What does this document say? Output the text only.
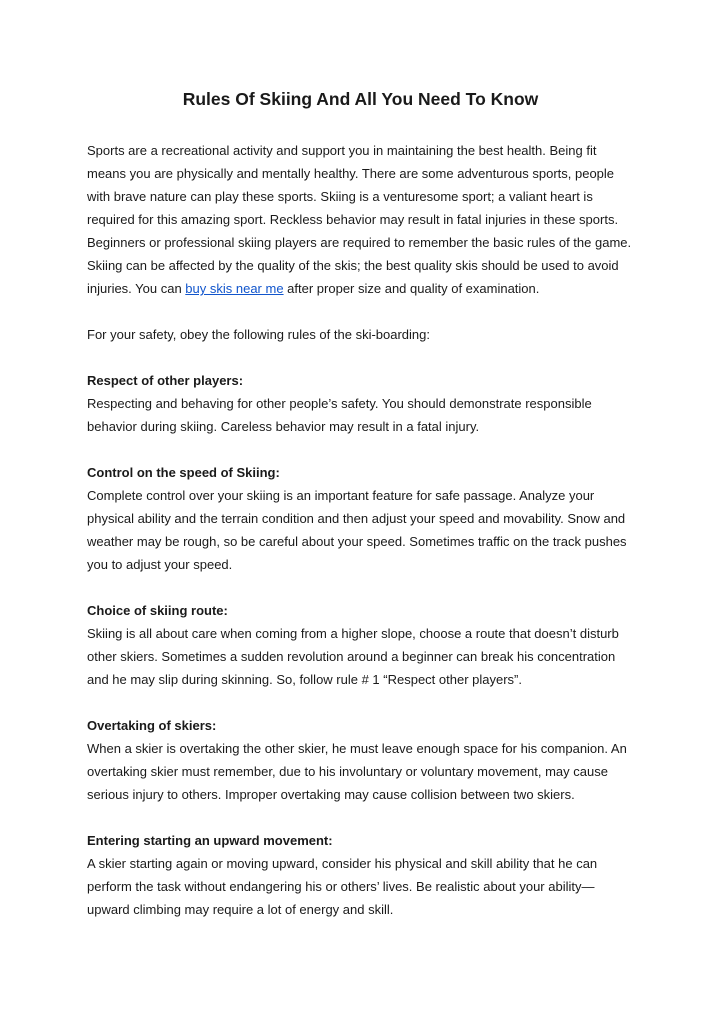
Rules Of Skiing And All You Need To Know

Sports are a recreational activity and support you in maintaining the best health. Being fit means you are physically and mentally healthy. There are some adventurous sports, people with brave nature can play these sports. Skiing is a venturesome sport; a valiant heart is required for this amazing sport. Reckless behavior may result in fatal injuries in these sports. Beginners or professional skiing players are required to remember the basic rules of the game. Skiing can be affected by the quality of the skis; the best quality skis should be used to avoid injuries. You can buy skis near me after proper size and quality of examination.

For your safety, obey the following rules of the ski-boarding:

Respect of other players:

Respecting and behaving for other people’s safety. You should demonstrate responsible behavior during skiing. Careless behavior may result in a fatal injury.

Control on the speed of Skiing:

Complete control over your skiing is an important feature for safe passage. Analyze your physical ability and the terrain condition and then adjust your speed and movability. Snow and weather may be rough, so be careful about your speed. Sometimes traffic on the track pushes you to adjust your speed.

Choice of skiing route:

Skiing is all about care when coming from a higher slope, choose a route that doesn’t disturb other skiers. Sometimes a sudden revolution around a beginner can break his concentration and he may slip during skinning. So, follow rule # 1 “Respect other players”.

Overtaking of skiers:

When a skier is overtaking the other skier, he must leave enough space for his companion. An overtaking skier must remember, due to his involuntary or voluntary movement, may cause serious injury to others. Improper overtaking may cause collision between two skiers.

Entering starting an upward movement:

A skier starting again or moving upward, consider his physical and skill ability that he can perform the task without endangering his or others’ lives. Be realistic about your ability—upward climbing may require a lot of energy and skill.
